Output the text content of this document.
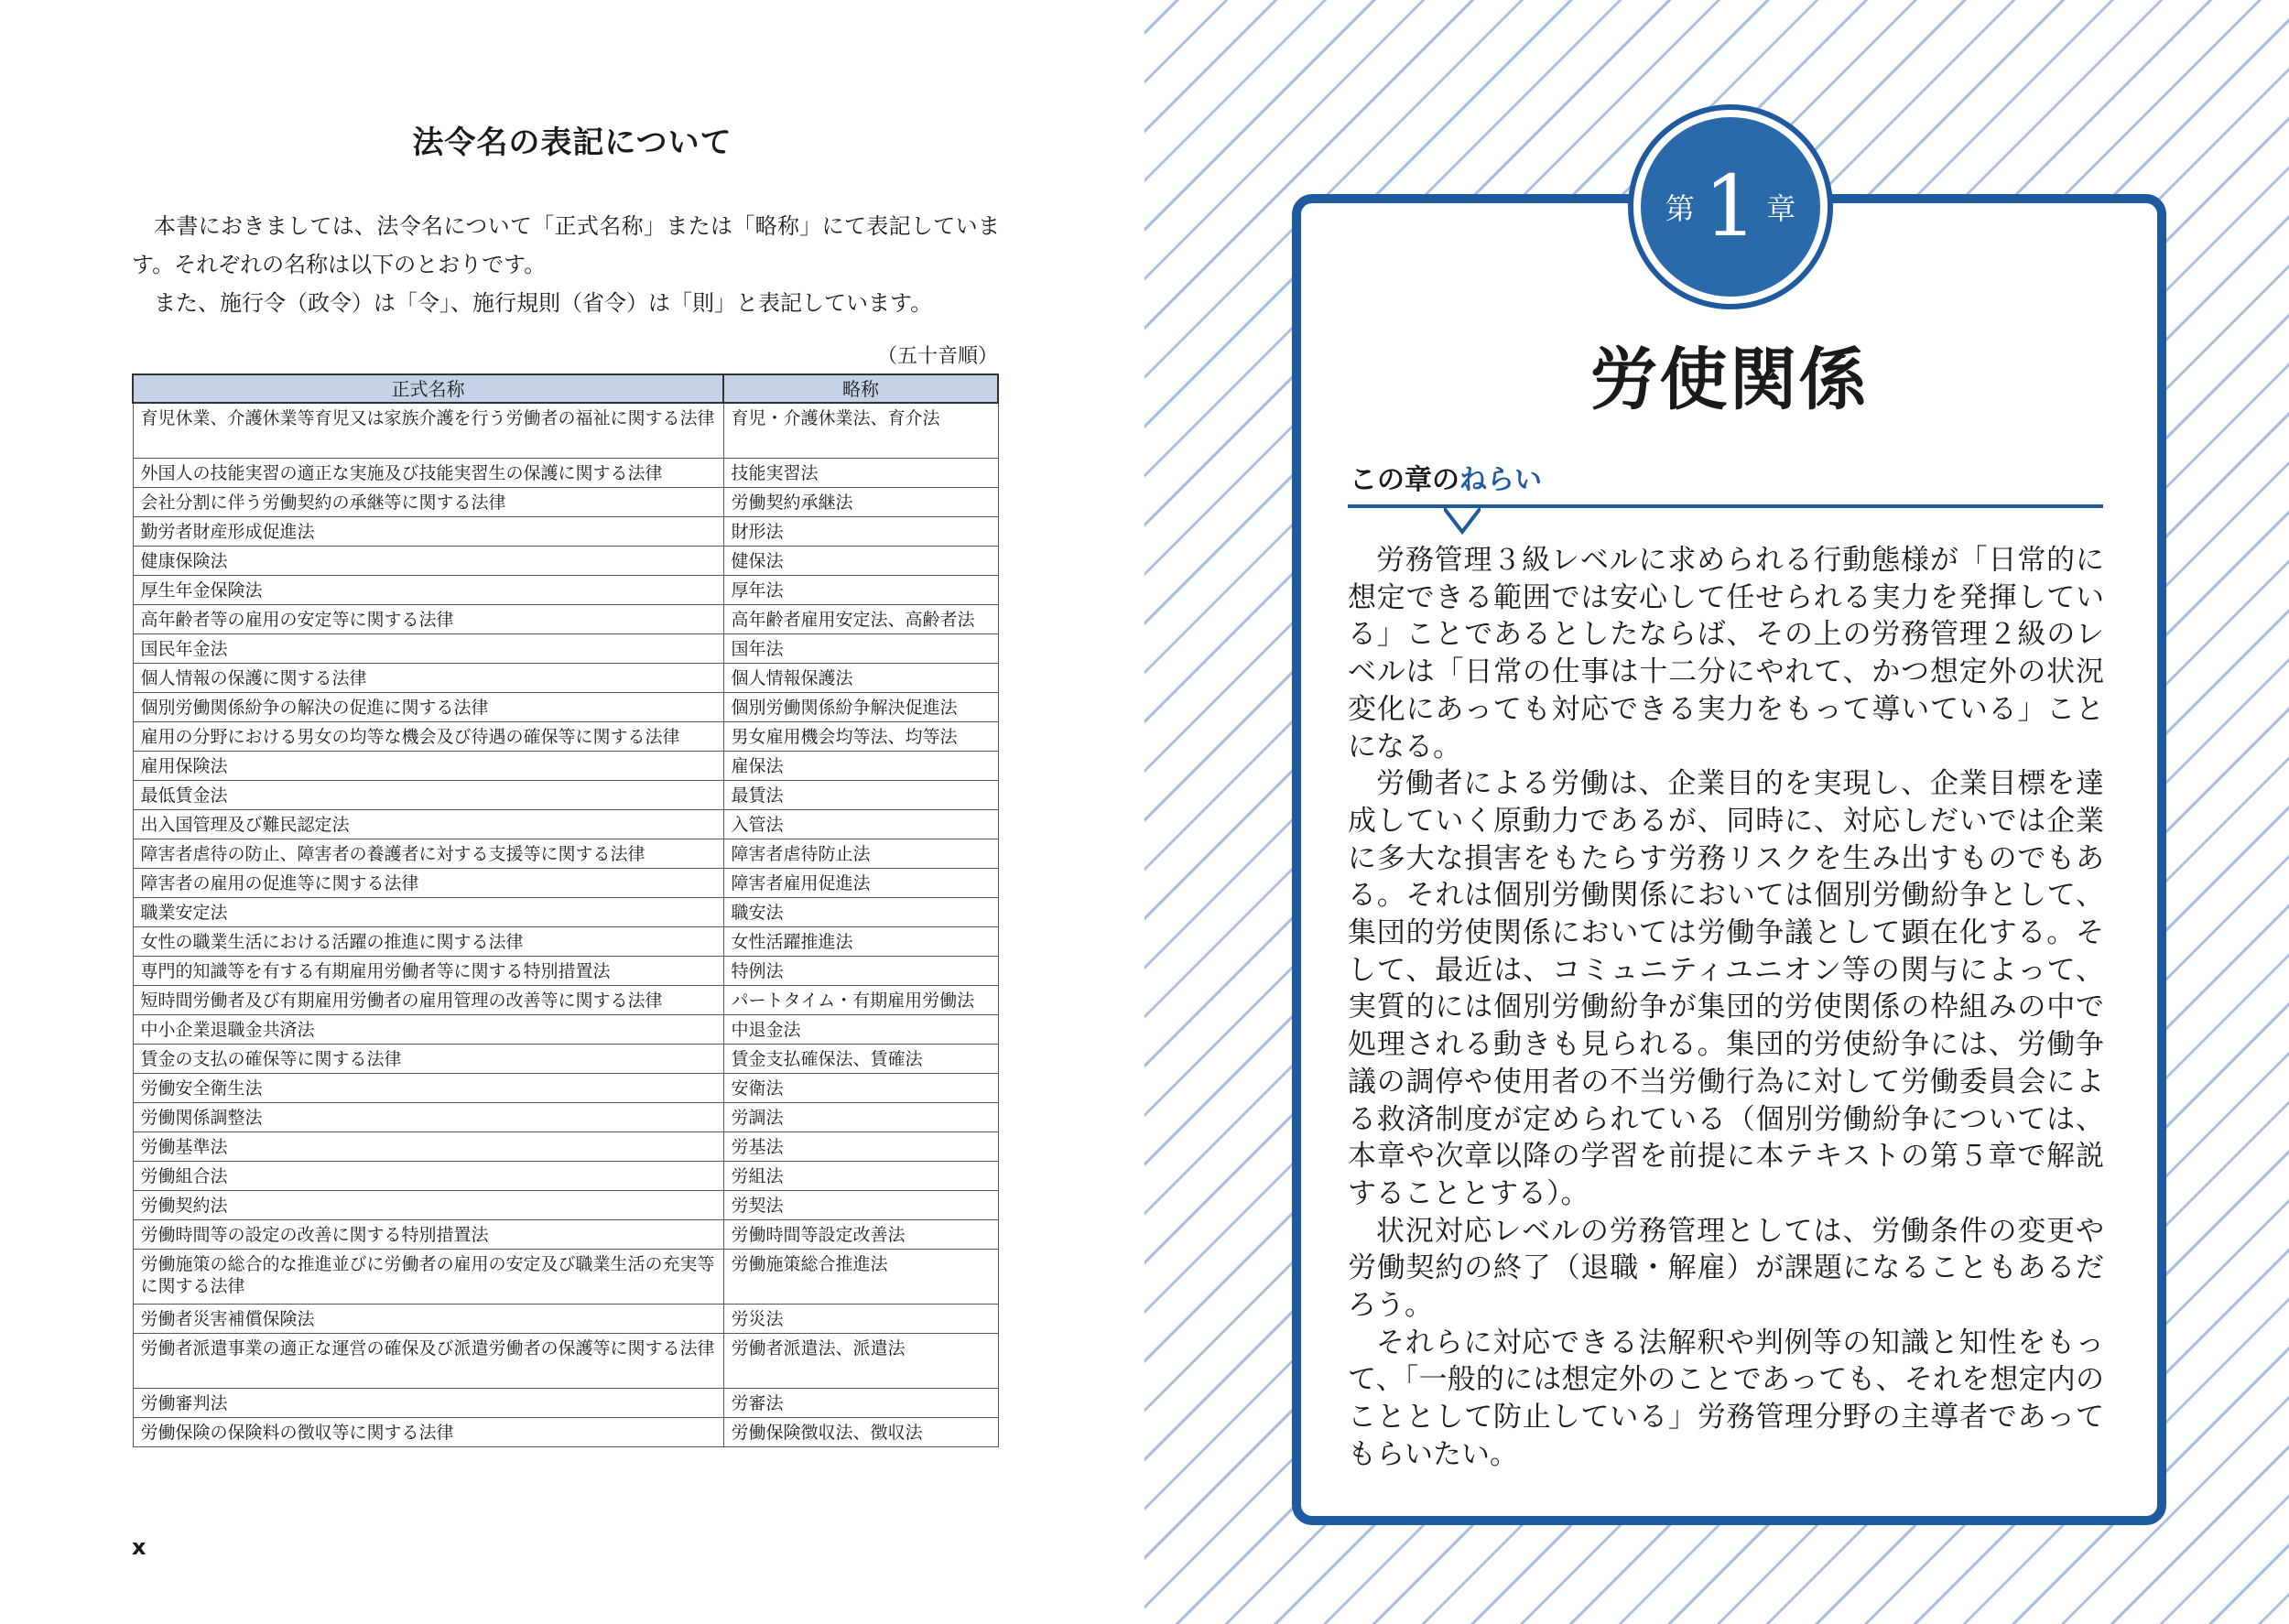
法令名の表記について

本書におきましては、法令名について「正式名称」または「略称」にて表記しています。それぞれの名称は以下のとおりです。

また、施行令（政令）は「令」、施行規則（省令）は「則」と表記しています。

（五十音順）
正式名称	略称
育児休業、介護休業等育児又は家族介護を行う労働者の福祉に関する法律	育児・介護休業法、育介法
外国人の技能実習の適正な実施及び技能実習生の保護に関する法律	技能実習法
会社分割に伴う労働契約の承継等に関する法律	労働契約承継法
勤労者財産形成促進法	財形法
健康保険法	健保法
厚生年金保険法	厚年法
高年齢者等の雇用の安定等に関する法律	高年齢者雇用安定法、高齢者法
国民年金法	国年法
個人情報の保護に関する法律	個人情報保護法
個別労働関係紛争の解決の促進に関する法律	個別労働関係紛争解決促進法
雇用の分野における男女の均等な機会及び待遇の確保等に関する法律	男女雇用機会均等法、均等法
雇用保険法	雇保法
最低賃金法	最賃法
出入国管理及び難民認定法	入管法
障害者虐待の防止、障害者の養護者に対する支援等に関する法律	障害者虐待防止法
障害者の雇用の促進等に関する法律	障害者雇用促進法
職業安定法	職安法
女性の職業生活における活躍の推進に関する法律	女性活躍推進法
専門的知識等を有する有期雇用労働者等に関する特別措置法	特例法
短時間労働者及び有期雇用労働者の雇用管理の改善等に関する法律	パートタイム・有期雇用労働法
中小企業退職金共済法	中退金法
賃金の支払の確保等に関する法律	賃金支払確保法、賃確法
労働安全衛生法	安衛法
労働関係調整法	労調法
労働基準法	労基法
労働組合法	労組法
労働契約法	労契法
労働時間等の設定の改善に関する特別措置法	労働時間等設定改善法
労働施策の総合的な推進並びに労働者の雇用の安定及び職業生活の充実等に関する法律	労働施策総合推進法
労働者災害補償保険法	労災法
労働者派遣事業の適正な運営の確保及び派遣労働者の保護等に関する法律	労働者派遣法、派遣法
労働審判法	労審法
労働保険の保険料の徴収等に関する法律	労働保険徴収法、徴収法
x
第 1 章
労使関係
この章のねらい

労務管理３級レベルに求められる行動態様が「日常的に想定できる範囲では安心して任せられる実力を発揮している」ことであるとしたならば、その上の労務管理２級のレベルは「日常の仕事は十二分にやれて、かつ想定外の状況変化にあっても対応できる実力をもって導いている」ことになる。

労働者による労働は、企業目的を実現し、企業目標を達成していく原動力であるが、同時に、対応しだいでは企業に多大な損害をもたらす労務リスクを生み出すものでもある。それは個別労働関係においては個別労働紛争として、集団的労使関係においては労働争議として顕在化する。そして、最近は、コミュニティユニオン等の関与によって、実質的には個別労働紛争が集団的労使関係の枠組みの中で処理される動きも見られる。集団的労使紛争には、労働争議の調停や使用者の不当労働行為に対して労働委員会による救済制度が定められている（個別労働紛争については、本章や次章以降の学習を前提に本テキストの第５章で解説することとする）。

状況対応レベルの労務管理としては、労働条件の変更や労働契約の終了（退職・解雇）が課題になることもあるだろう。

それらに対応できる法解釈や判例等の知識と知性をもって、「一般的には想定外のことであっても、それを想定内のこととして防止している」労務管理分野の主導者であってもらいたい。
